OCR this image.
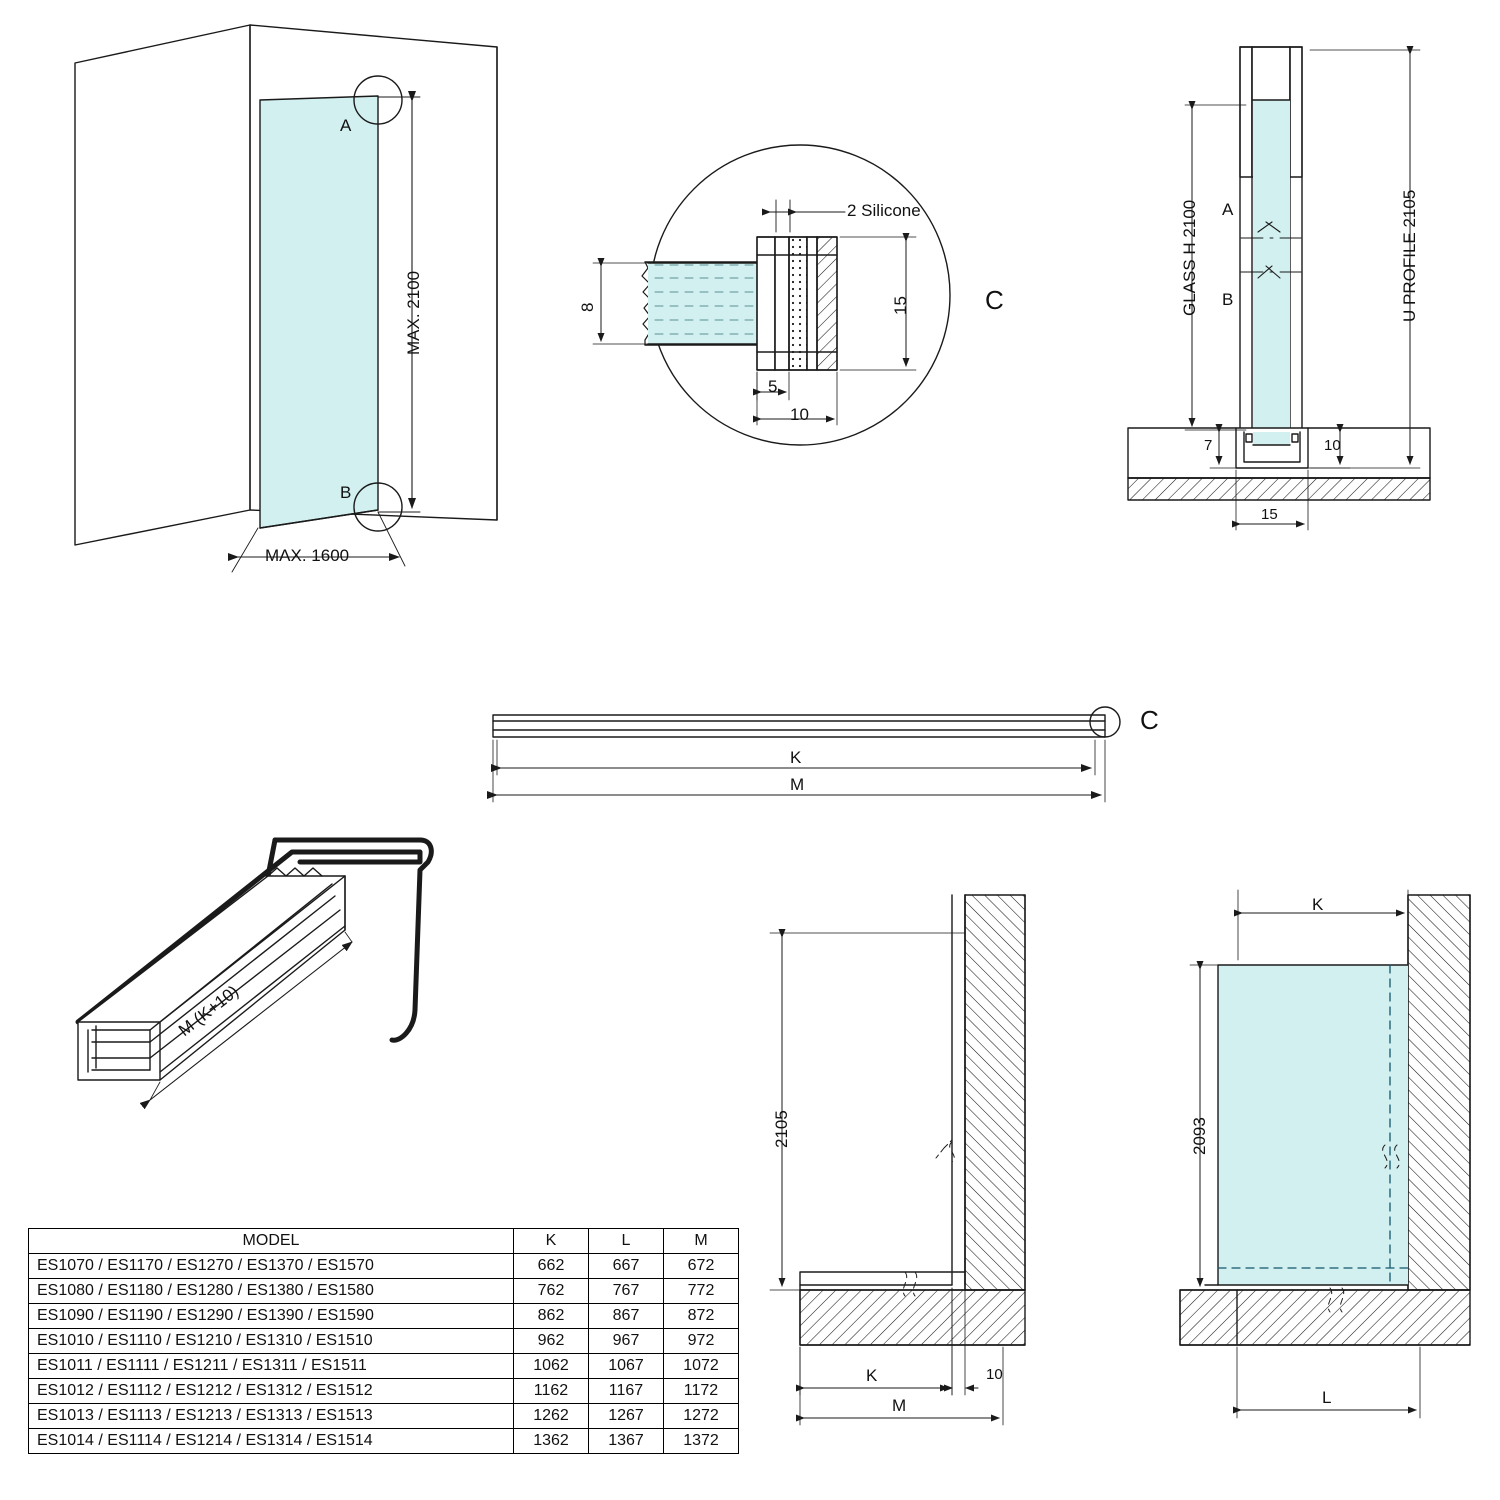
A
B
MAX. 2100
MAX. 1600
2 Silicone
8	15
5
10
C	GLASS H 2100	U PROFILE 2105
A
B
7	10
15
K
M
C
M (K+10)
2105
K	10
M
K
2093
L
MODEL	K	L	M
ES1070 / ES1170 / ES1270 / ES1370 / ES1570	662	667	672
ES1080 / ES1180 / ES1280 / ES1380 / ES1580	762	767	772
ES1090 / ES1190 / ES1290 / ES1390 / ES1590	862	867	872
ES1010 / ES1110 / ES1210 / ES1310 / ES1510	962	967	972
ES1011 / ES1111 / ES1211 / ES1311 / ES1511	1062	1067	1072
ES1012 / ES1112 / ES1212 / ES1312 / ES1512	1162	1167	1172
ES1013 / ES1113 / ES1213 / ES1313 / ES1513	1262	1267	1272
ES1014 / ES1114 / ES1214 / ES1314 / ES1514	1362	1367	1372
